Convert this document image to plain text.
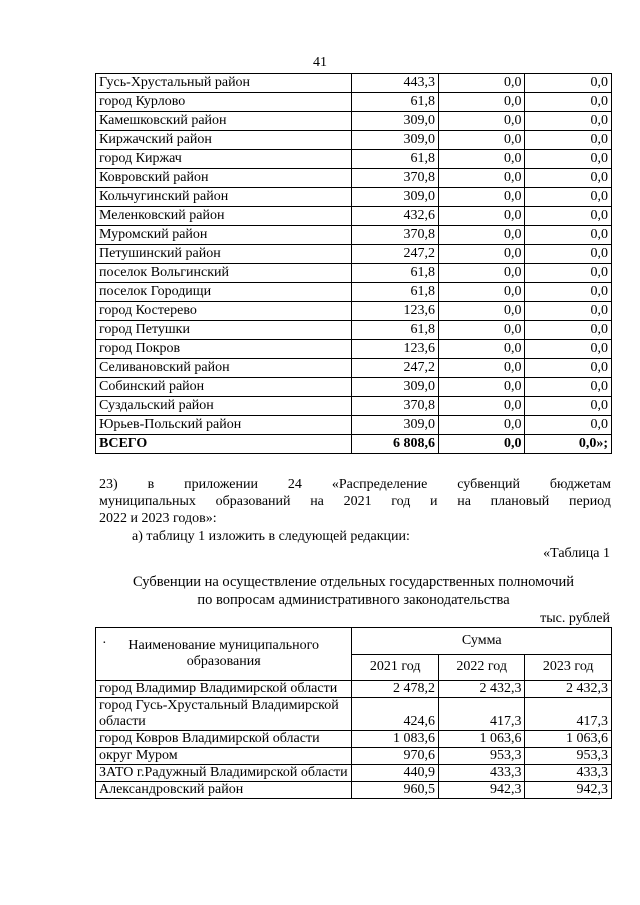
41
Гусь-Хрустальный район	443,3	0,0	0,0
город Курлово	61,8	0,0	0,0
Камешковский район	309,0	0,0	0,0
Киржачский район	309,0	0,0	0,0
город Киржач	61,8	0,0	0,0
Ковровский район	370,8	0,0	0,0
Кольчугинский район	309,0	0,0	0,0
Меленковский район	432,6	0,0	0,0
Муромский район	370,8	0,0	0,0
Петушинский район	247,2	0,0	0,0
поселок Вольгинский	61,8	0,0	0,0
поселок Городищи	61,8	0,0	0,0
город Костерево	123,6	0,0	0,0
город Петушки	61,8	0,0	0,0
город Покров	123,6	0,0	0,0
Селивановский район	247,2	0,0	0,0
Собинский район	309,0	0,0	0,0
Суздальский район	370,8	0,0	0,0
Юрьев-Польский район	309,0	0,0	0,0
ВСЕГО	6 808,6	0,0	0,0»;
23) в приложении 24 «Распределение субвенций бюджетам
муниципальных образований на 2021 год и на плановый период
2022 и 2023 годов»:
а) таблицу 1 изложить в следующей редакции:
«Таблица 1
Субвенции на осуществление отдельных государственных полномочий
по вопросам административного законодательства
тыс. рублей
· Наименование муниципального образования	Сумма		
	2021 год	2022 год	2023 год
город Владимир Владимирской области	2 478,2	2 432,3	2 432,3
город Гусь-Хрустальный Владимирской области	424,6	417,3	417,3
город Ковров Владимирской области	1 083,6	1 063,6	1 063,6
округ Муром	970,6	953,3	953,3
ЗАТО г.Радужный Владимирской области	440,9	433,3	433,3
Александровский район	960,5	942,3	942,3
